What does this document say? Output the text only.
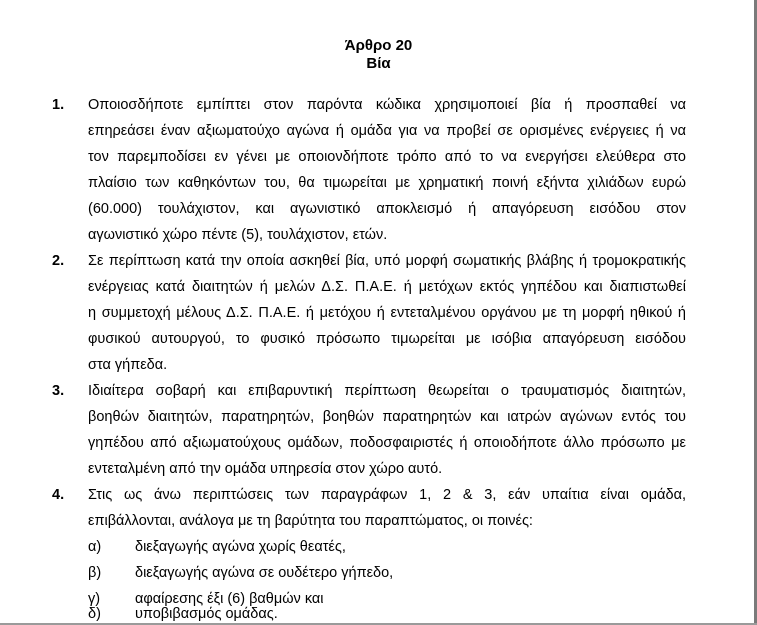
Άρθρο 20
Βία
1. Οποιοσδήποτε εμπίπτει στον παρόντα κώδικα χρησιμοποιεί βία ή προσπαθεί να
επηρεάσει έναν αξιωματούχο αγώνα ή ομάδα για να προβεί σε ορισμένες ενέργειες ή να
τον παρεμποδίσει εν γένει με οποιονδήποτε τρόπο από το να ενεργήσει ελεύθερα στο
πλαίσιο των καθηκόντων του, θα τιμωρείται με χρηματική ποινή εξήντα χιλιάδων ευρώ
(60.000) τουλάχιστον, και αγωνιστικό αποκλεισμό ή απαγόρευση εισόδου στον
αγωνιστικό χώρο πέντε (5), τουλάχιστον, ετών.
2. Σε περίπτωση κατά την οποία ασκηθεί βία, υπό μορφή σωματικής βλάβης ή τρομοκρατικής
ενέργειας κατά διαιτητών ή μελών Δ.Σ. Π.Α.Ε. ή μετόχων εκτός γηπέδου και διαπιστωθεί
η συμμετοχή μέλους Δ.Σ. Π.Α.Ε. ή μετόχου ή εντεταλμένου οργάνου με τη μορφή ηθικού ή
φυσικού αυτουργού, το φυσικό πρόσωπο τιμωρείται με ισόβια απαγόρευση εισόδου
στα γήπεδα.
3. Ιδιαίτερα σοβαρή και επιβαρυντική περίπτωση θεωρείται ο τραυματισμός διαιτητών,
βοηθών διαιτητών, παρατηρητών, βοηθών παρατηρητών και ιατρών αγώνων εντός του
γηπέδου από αξιωματούχους ομάδων, ποδοσφαιριστές ή οποιοδήποτε άλλο πρόσωπο με
εντεταλμένη από την ομάδα υπηρεσία στον χώρο αυτό.
4. Στις ως άνω περιπτώσεις των παραγράφων 1, 2 & 3, εάν υπαίτια είναι ομάδα,
επιβάλλονται, ανάλογα με τη βαρύτητα του παραπτώματος, οι ποινές:
α) διεξαγωγής αγώνα χωρίς θεατές,
β) διεξαγωγής αγώνα σε ουδέτερο γήπεδο,
γ) αφαίρεσης έξι (6) βαθμών και
δ) υποβιβασμός ομάδας.
